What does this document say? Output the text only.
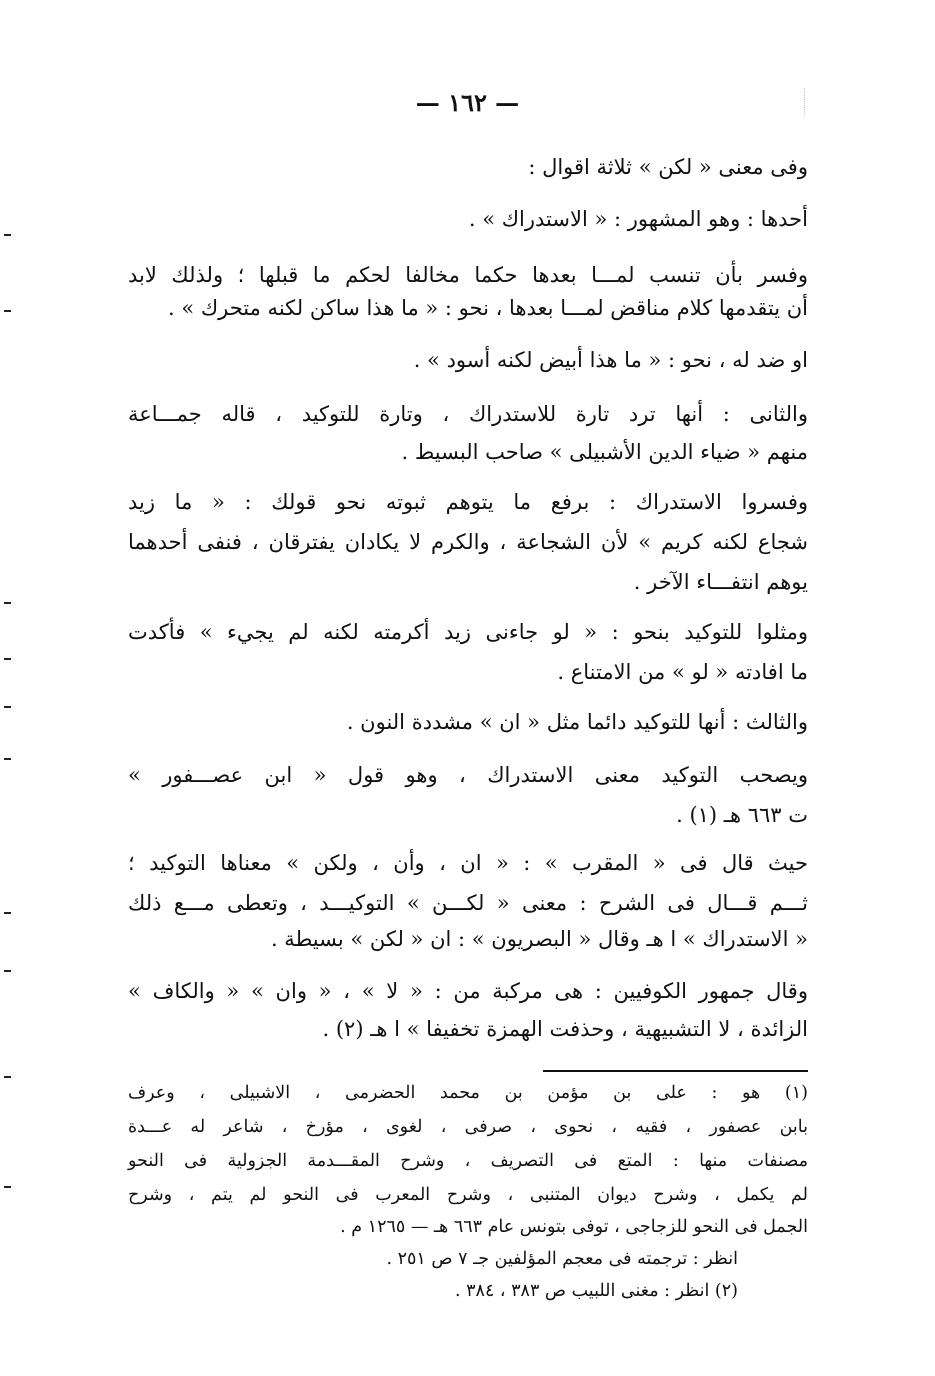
— ١٦٢ —
وفى معنى « لكن » ثلاثة اقوال :
أحدها : وهو المشهور : « الاستدراك » .
وفسر بأن تنسب لمـــا بعدها حكما مخالفا لحكم ما قبلها ؛ ولذلك لابد
أن يتقدمها كلام مناقض لمـــا بعدها ، نحو : « ما هذا ساكن لكنه متحرك » .
او ضد له ، نحو : « ما هذا أبيض لكنه أسود » .
والثانى : أنها ترد تارة للاستدراك ، وتارة للتوكيد ، قاله جمـــاعة
منهم « ضياء الدين الأشبيلى » صاحب البسيط .
وفسروا الاستدراك : برفع ما يتوهم ثبوته نحو قولك : « ما زيد
شجاع لكنه كريم » لأن الشجاعة ، والكرم لا يكادان يفترقان ، فنفى أحدهما
يوهم انتفـــاء الآخر .
ومثلوا للتوكيد بنحو : « لو جاءنى زيد أكرمته لكنه لم يجيء » فأكدت
ما افادته « لو » من الامتناع .
والثالث : أنها للتوكيد دائما مثل « ان » مشددة النون .
ويصحب التوكيد معنى الاستدراك ، وهو قول « ابن عصـــفور »
ت ٦٦٣ هـ (١) .
حيث قال فى « المقرب » : « ان ، وأن ، ولكن » معناها التوكيد ؛
ثـــم قـــال فى الشرح : معنى « لكـــن » التوكيـــد ، وتعطى مـــع ذلك
« الاستدراك » ا هـ وقال « البصريون » : ان « لكن » بسيطة .
وقال جمهور الكوفيين : هى مركبة من : « لا » ، « وان » « والكاف »
الزائدة ، لا التشبيهية ، وحذفت الهمزة تخفيفا » ا هـ (٢) .
(١) هو : على بن مؤمن بن محمد الحضرمى ، الاشبيلى ، وعرف
بابن عصفور ، فقيه ، نحوى ، صرفى ، لغوى ، مؤرخ ، شاعر له عـــدة
مصنفات منها : المتع فى التصريف ، وشرح المقـــدمة الجزولية فى النحو
لم يكمل ، وشرح ديوان المتنبى ، وشرح المعرب فى النحو لم يتم ، وشرح
الجمل فى النحو للزجاجى ، توفى بتونس عام ٦٦٣ هـ — ١٢٦٥ م .
انظر : ترجمته فى معجم المؤلفين جـ ٧ ص ٢٥١ .
(٢) انظر : مغنى اللبيب ص ٣٨٣ ، ٣٨٤ .
